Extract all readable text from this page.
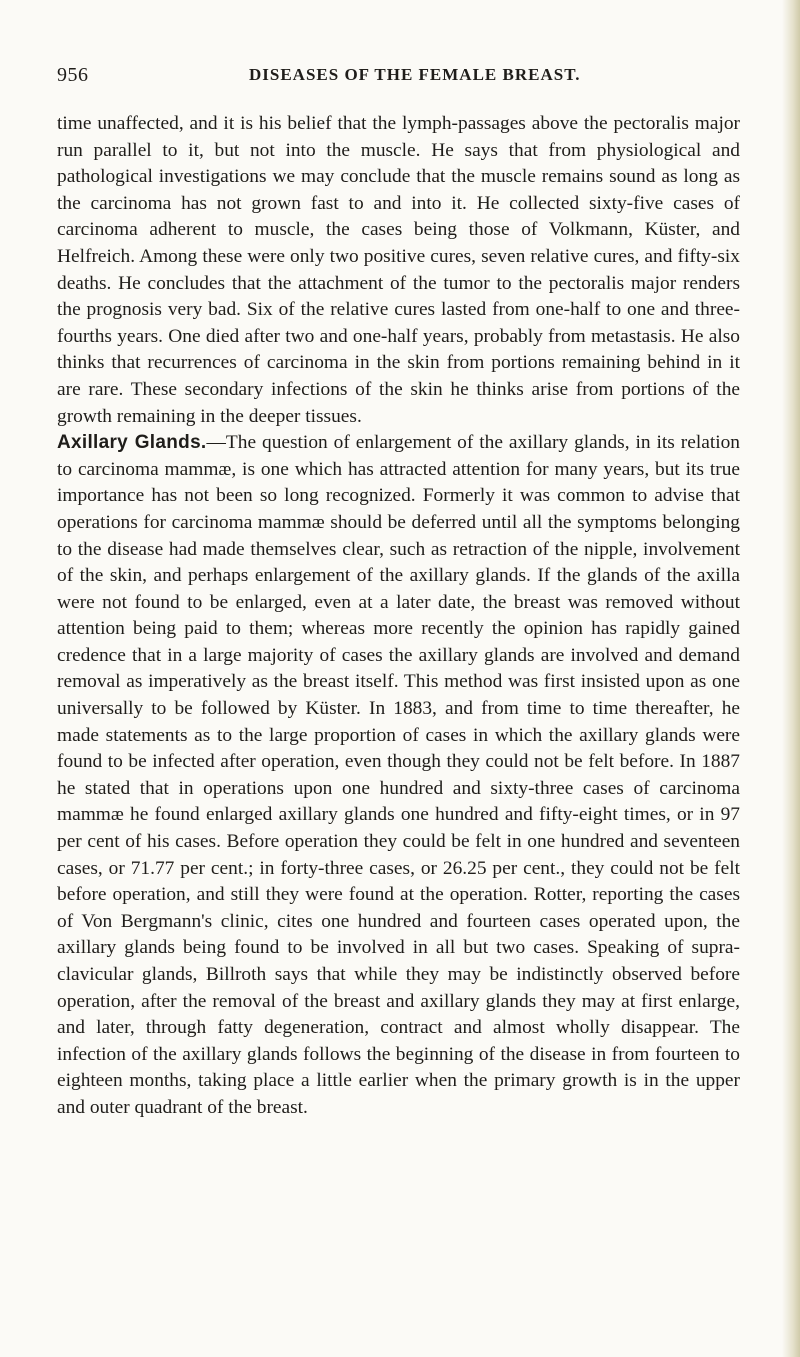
956	DISEASES OF THE FEMALE BREAST.

time unaffected, and it is his belief that the lymph-passages above the pectoralis major run parallel to it, but not into the muscle. He says that from physiological and pathological investigations we may conclude that the muscle remains sound as long as the carcinoma has not grown fast to and into it. He collected sixty-five cases of carcinoma adherent to muscle, the cases being those of Volkmann, Küster, and Helfreich. Among these were only two positive cures, seven relative cures, and fifty-six deaths. He concludes that the attachment of the tumor to the pectoralis major renders the prognosis very bad. Six of the relative cures lasted from one-half to one and three-fourths years. One died after two and one-half years, probably from metastasis. He also thinks that recurrences of carcinoma in the skin from portions remaining behind in it are rare. These secondary infections of the skin he thinks arise from portions of the growth remaining in the deeper tissues.

Axillary Glands.—The question of enlargement of the axillary glands, in its relation to carcinoma mammæ, is one which has attracted attention for many years, but its true importance has not been so long recognized. Formerly it was common to advise that operations for carcinoma mammæ should be deferred until all the symptoms belonging to the disease had made themselves clear, such as retraction of the nipple, involvement of the skin, and perhaps enlargement of the axillary glands. If the glands of the axilla were not found to be enlarged, even at a later date, the breast was removed without attention being paid to them; whereas more recently the opinion has rapidly gained credence that in a large majority of cases the axillary glands are involved and demand removal as imperatively as the breast itself. This method was first insisted upon as one universally to be followed by Küster. In 1883, and from time to time thereafter, he made statements as to the large proportion of cases in which the axillary glands were found to be infected after operation, even though they could not be felt before. In 1887 he stated that in operations upon one hundred and sixty-three cases of carcinoma mammæ he found enlarged axillary glands one hundred and fifty-eight times, or in 97 per cent of his cases. Before operation they could be felt in one hundred and seventeen cases, or 71.77 per cent.; in forty-three cases, or 26.25 per cent., they could not be felt before operation, and still they were found at the operation. Rotter, reporting the cases of Von Bergmann's clinic, cites one hundred and fourteen cases operated upon, the axillary glands being found to be involved in all but two cases. Speaking of supra-clavicular glands, Billroth says that while they may be indistinctly observed before operation, after the removal of the breast and axillary glands they may at first enlarge, and later, through fatty degeneration, contract and almost wholly disappear. The infection of the axillary glands follows the beginning of the disease in from fourteen to eighteen months, taking place a little earlier when the primary growth is in the upper and outer quadrant of the breast.
